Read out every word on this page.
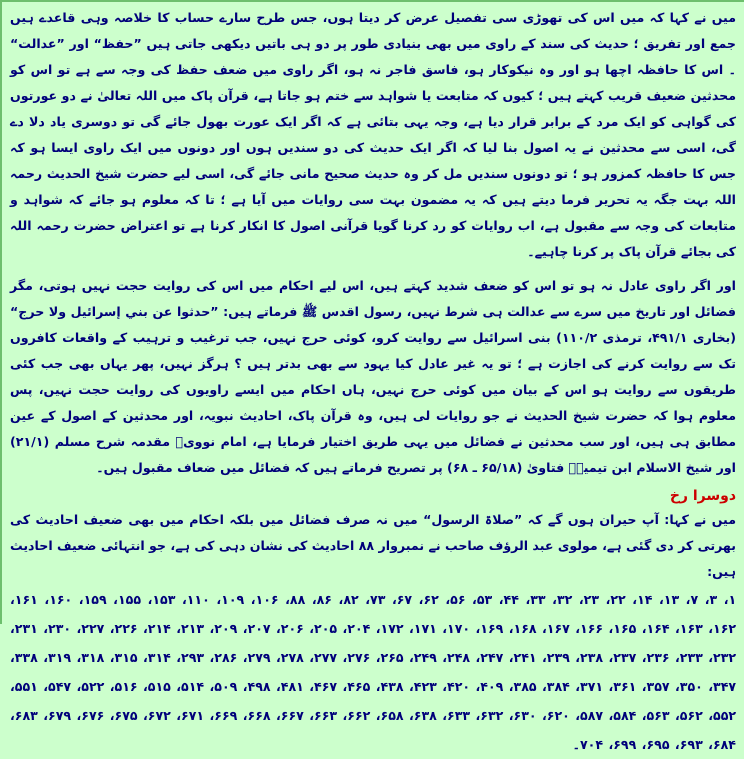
میں نے کہا کہ میں اس کی تھوڑی سی تفصیل عرض کر دیتا ہوں، جس طرح سارے حساب کا خلاصہ وہی قاعدے ہیں جمع اور تفریق ؛ حدیث کی سند کے راوی میں بھی بنیادی طور پر دو ہی باتیں دیکھی جاتی ہیں ”حفظ“ اور ”عدالت“ ۔ اس کا حافظہ اچھا ہو اور وہ نیکوکار ہو، فاسق فاجر نہ ہو، اگر راوی میں ضعف حفظ کی وجہ سے ہے تو اس کو محدثین ضعیف قریب کہتے ہیں ؛ کیوں کہ متابعت یا شواہد سے ختم ہو جاتا ہے، قرآن پاک میں اللہ تعالیٰ نے دو عورتوں کی گواہی کو ایک مرد کے برابر قرار دیا ہے، وجہ یہی بتائی ہے کہ اگر ایک عورت بھول جائے گی تو دوسری یاد دلا دے گی، اسی سے محدثین نے یہ اصول بنا لیا کہ اگر ایک حدیث کی دو سندیں ہوں اور دونوں میں ایک راوی ایسا ہو کہ جس کا حافظہ کمزور ہو ؛ تو دونوں سندیں مل کر وہ حدیث صحیح مانی جائے گی، اسی لیے حضرت شیخ الحدیث رحمہ اللہ بہت جگہ یہ تحریر فرما دیتے ہیں کہ یہ مضمون بہت سی روایات میں آیا ہے ؛ تا کہ معلوم ہو جائے کہ شواہد و متابعات کی وجہ سے مقبول ہے، اب روایات کو رد کرنا گویا قرآنی اصول کا انکار کرنا ہے تو اعتراض حضرت رحمہ اللہ کی بجائے قرآن پاک پر کرنا چاہیے۔

اور اگر راوی عادل نہ ہو تو اس کو ضعف شدید کہتے ہیں، اس لیے احکام میں اس کی روایت حجت نہیں ہوتی، مگر فضائل اور تاریخ میں سرے سے عدالت ہی شرط نہیں، رسول اقدس ﷺ فرماتے ہیں: ”حدثوا عن بني إسرائيل ولا حرج“ (بخاری ۴۹۱/۱، ترمذی ۱۱۰/۲) بنی اسرائیل سے روایت کرو، کوئی حرج نہیں، جب ترغیب و ترہیب کے واقعات کافروں تک سے روایت کرنے کی اجازت ہے ؛ تو یہ غیر عادل کیا یہود سے بھی بدتر ہیں ؟ ہرگز نہیں، پھر یہاں بھی جب کئی طریقوں سے روایت ہو اس کے بیان میں کوئی حرج نہیں، ہاں احکام میں ایسے راویوں کی روایت حجت نہیں، پس معلوم ہوا کہ حضرت شیخ الحدیث نے جو روایات لی ہیں، وہ قرآن پاک، احادیث نبویہ، اور محدثین کے اصول کے عین مطابق ہی ہیں، اور سب محدثین نے فضائل میں یہی طریق اختیار فرمایا ہے، امام نوویؒ مقدمہ شرح مسلم (۲۱/۱) اور شیخ الاسلام ابن تیمیہؒ فتاویٰ (۶۵/۱۸ ـ ۶۸) پر تصریح فرماتے ہیں کہ فضائل میں ضعاف مقبول ہیں۔

دوسرا رخ

میں نے کہا: آپ حیران ہوں گے کہ ”صلاۃ الرسول“ میں نہ صرف فضائل میں بلکہ احکام میں بھی ضعیف احادیث کی بھرتی کر دی گئی ہے، مولوی عبد الرؤف صاحب نے نمبروار ۸۸ احادیث کی نشان دہی کی ہے، جو انتہائی ضعیف احادیث ہیں:

۱، ۳، ۷، ۱۳، ۱۴، ۲۲، ۲۳، ۳۲، ۳۳، ۴۴، ۵۳، ۵۶، ۶۲، ۶۷، ۷۳، ۸۲، ۸۶، ۸۸، ۱۰۶، ۱۰۹، ۱۱۰، ۱۵۳، ۱۵۵، ۱۵۹، ۱۶۰، ۱۶۱، ۱۶۲، ۱۶۳، ۱۶۴، ۱۶۵، ۱۶۶، ۱۶۷، ۱۶۸، ۱۶۹، ۱۷۰، ۱۷۱، ۱۷۲، ۲۰۴، ۲۰۵، ۲۰۶، ۲۰۷، ۲۰۹، ۲۱۳، ۲۱۴، ۲۲۶، ۲۲۷، ۲۳۰، ۲۳۱، ۲۳۲، ۲۳۳، ۲۳۶، ۲۳۷، ۲۳۸، ۲۳۹، ۲۴۱، ۲۴۷، ۲۴۸، ۲۴۹، ۲۶۵، ۲۷۶، ۲۷۷، ۲۷۸، ۲۷۹، ۲۸۶، ۲۹۳، ۳۱۴، ۳۱۵، ۳۱۸، ۳۱۹، ۳۳۸، ۳۴۷، ۳۵۰، ۳۵۷، ۳۶۱، ۳۷۱، ۳۸۴، ۳۸۵، ۴۰۹، ۴۲۰، ۴۲۳، ۴۳۸، ۴۶۵، ۴۶۷، ۴۸۱، ۴۹۸، ۵۰۹، ۵۱۴، ۵۱۵، ۵۱۶، ۵۲۲، ۵۴۷، ۵۵۱، ۵۵۲، ۵۶۲، ۵۶۳، ۵۸۴، ۵۸۷، ۶۲۰، ۶۳۰، ۶۳۲، ۶۳۳، ۶۳۸، ۶۵۸، ۶۶۲، ۶۶۳، ۶۶۷، ۶۶۸، ۶۶۹، ۶۷۱، ۶۷۲، ۶۷۵، ۶۷۶، ۶۷۹، ۶۸۳، ۶۸۴، ۶۹۳، ۶۹۵، ۶۹۹، ۷۰۴۔
